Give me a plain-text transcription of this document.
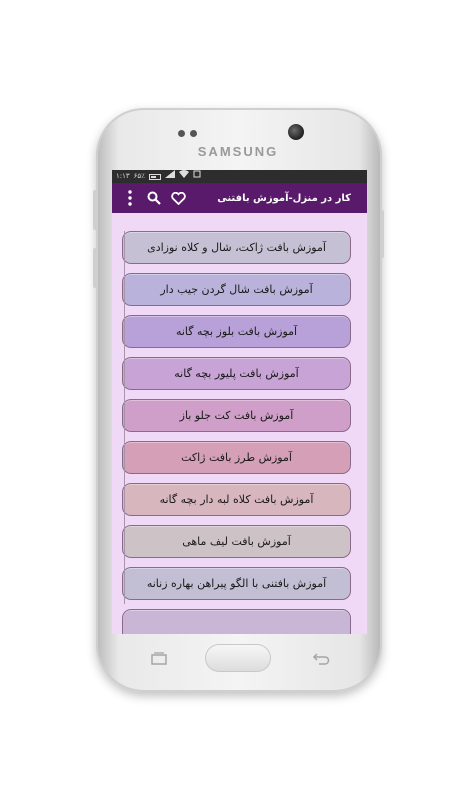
SAMSUNG
۱:۱۳ ۶۵٪
کار در منزل-آموزش بافتنی
آموزش بافت ژاکت، شال و کلاه نوزادی
آموزش بافت شال گردن جیب دار
آموزش بافت بلوز بچه گانه
آموزش بافت پلیور بچه گانه
آموزش بافت کت جلو باز
آموزش طرز بافت ژاکت
آموزش بافت کلاه لبه دار بچه گانه
آموزش بافت لیف ماهی
آموزش بافتنی با الگو پیراهن بهاره زنانه
